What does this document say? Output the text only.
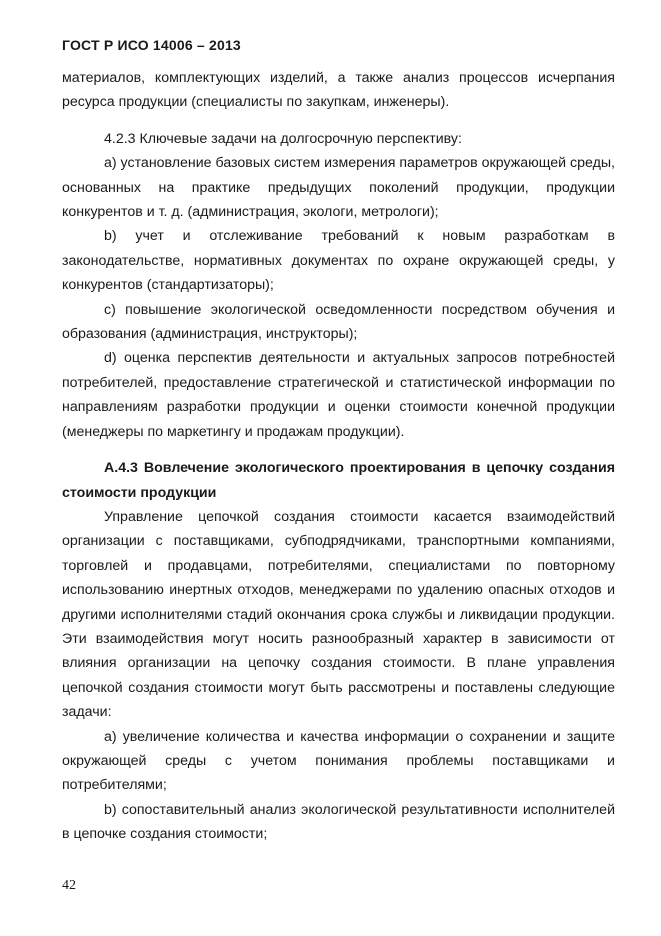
ГОСТ Р ИСО 14006 – 2013

материалов, комплектующих изделий, а также анализ процессов исчерпания ресурса продукции (специалисты по закупкам, инженеры).

4.2.3 Ключевые задачи на долгосрочную перспективу:

a) установление базовых систем измерения параметров окружающей среды, основанных на практике предыдущих поколений продукции, продукции конкурентов и т. д. (администрация, экологи, метрологи);

b) учет и отслеживание требований к новым разработкам в законодательстве, нормативных документах по охране окружающей среды, у конкурентов (стандартизаторы);

c) повышение экологической осведомленности посредством обучения и образования (администрация, инструкторы);

d) оценка перспектив деятельности и актуальных запросов потребностей потребителей, предоставление стратегической и статистической информации по направлениям разработки продукции и оценки стоимости конечной продукции (менеджеры по маркетингу и продажам продукции).

А.4.3 Вовлечение экологического проектирования в цепочку создания стоимости продукции

Управление цепочкой создания стоимости касается взаимодействий организации с поставщиками, субподрядчиками, транспортными компаниями, торговлей и продавцами, потребителями, специалистами по повторному использованию инертных отходов, менеджерами по удалению опасных отходов и другими исполнителями стадий окончания срока службы и ликвидации продукции. Эти взаимодействия могут носить разнообразный характер в зависимости от влияния организации на цепочку создания стоимости. В плане управления цепочкой создания стоимости могут быть рассмотрены и поставлены следующие задачи:

a) увеличение количества и качества информации о сохранении и защите окружающей среды с учетом понимания проблемы поставщиками и потребителями;

b) сопоставительный анализ экологической результативности исполнителей в цепочке создания стоимости;

42
